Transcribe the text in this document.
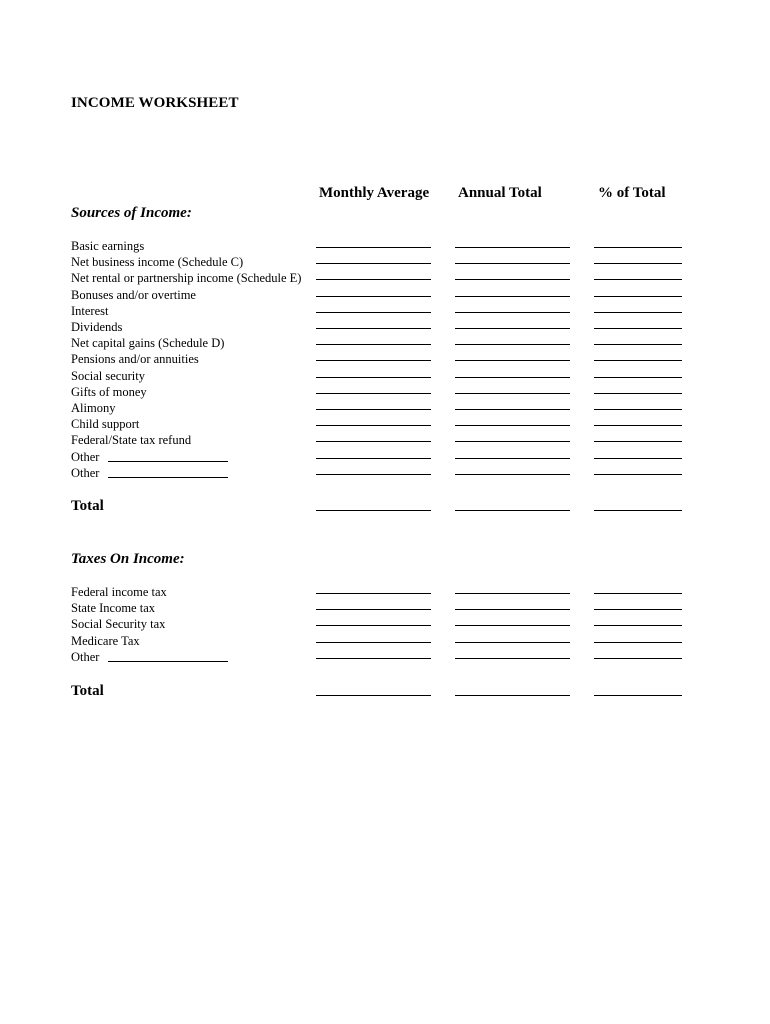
INCOME WORKSHEET
Monthly Average Annual Total	% of Total
Sources of Income:
Basic earnings
Net business income (Schedule C)
Net rental or partnership income (Schedule E)
Bonuses and/or overtime
Interest
Dividends
Net capital gains (Schedule D)
Pensions and/or annuities
Social security
Gifts of money
Alimony
Child support
Federal/State tax refund
Other
Other
Total
Taxes On Income:
Federal income tax
State Income tax
Social Security tax
Medicare Tax
Other
Total
